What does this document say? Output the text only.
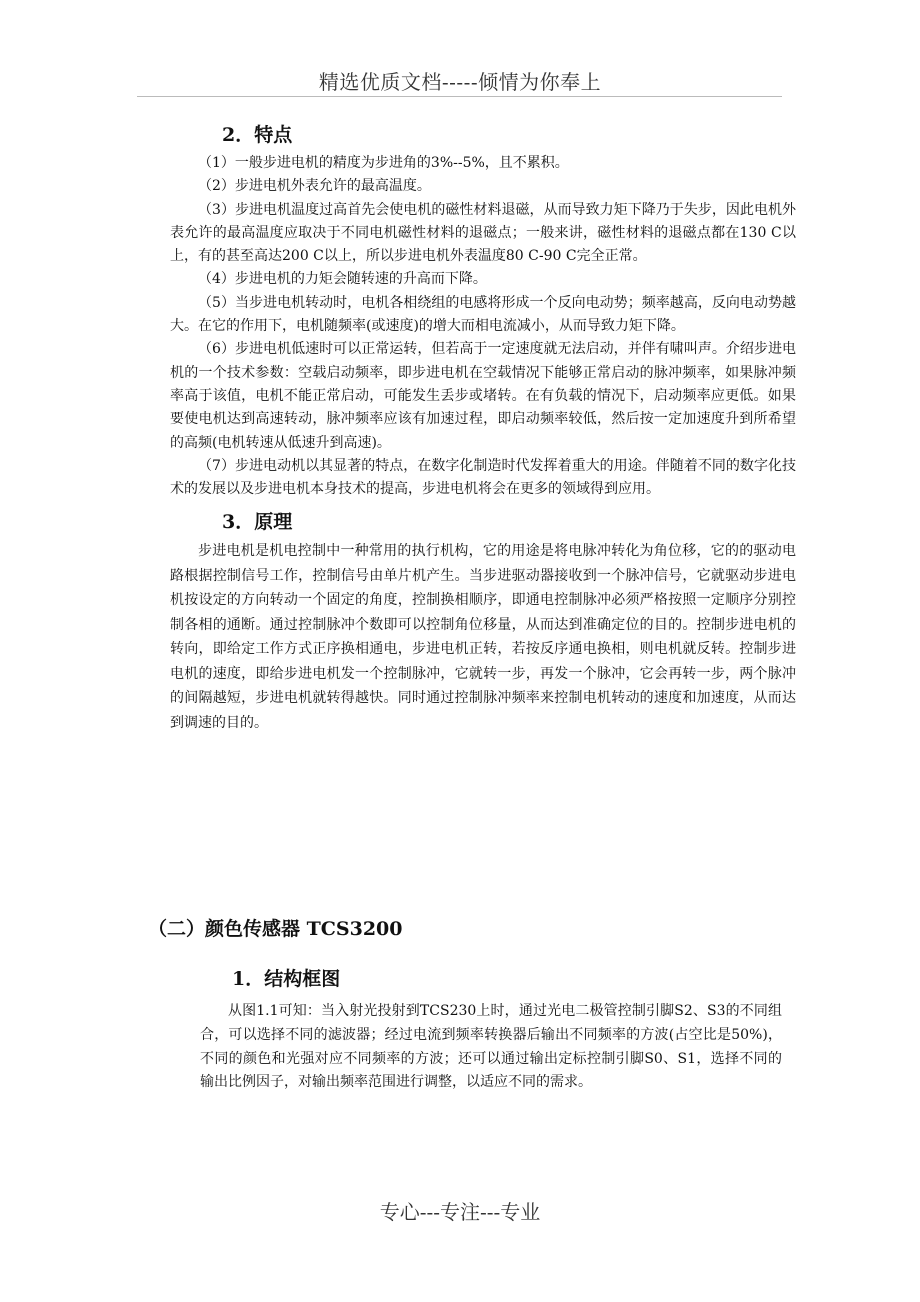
精选优质文档-----倾情为你奉上
2．特点

（1）一般步进电机的精度为步进角的3%--5%，且不累积。

（2）步进电机外表允许的最高温度。

（3）步进电机温度过高首先会使电机的磁性材料退磁，从而导致力矩下降乃于失步，因此电机外表允许的最高温度应取决于不同电机磁性材料的退磁点；一般来讲，磁性材料的退磁点都在130 C以上，有的甚至高达200 C以上，所以步进电机外表温度80 C-90 C完全正常。

（4）步进电机的力矩会随转速的升高而下降。

（5）当步进电机转动时，电机各相绕组的电感将形成一个反向电动势；频率越高，反向电动势越大。在它的作用下，电机随频率(或速度)的增大而相电流减小，从而导致力矩下降。

（6）步进电机低速时可以正常运转，但若高于一定速度就无法启动，并伴有啸叫声。介绍步进电机的一个技术参数：空载启动频率，即步进电机在空载情况下能够正常启动的脉冲频率，如果脉冲频率高于该值，电机不能正常启动，可能发生丢步或堵转。在有负载的情况下，启动频率应更低。如果要使电机达到高速转动，脉冲频率应该有加速过程，即启动频率较低，然后按一定加速度升到所希望的高频(电机转速从低速升到高速)。

（7）步进电动机以其显著的特点，在数字化制造时代发挥着重大的用途。伴随着不同的数字化技术的发展以及步进电机本身技术的提高，步进电机将会在更多的领域得到应用。

3．原理

步进电机是机电控制中一种常用的执行机构，它的用途是将电脉冲转化为角位移，它的的驱动电路根据控制信号工作，控制信号由单片机产生。当步进驱动器接收到一个脉冲信号，它就驱动步进电机按设定的方向转动一个固定的角度，控制换相顺序，即通电控制脉冲必须严格按照一定顺序分别控制各相的通断。通过控制脉冲个数即可以控制角位移量，从而达到准确定位的目的。控制步进电机的转向，即给定工作方式正序换相通电，步进电机正转，若按反序通电换相，则电机就反转。控制步进电机的速度，即给步进电机发一个控制脉冲，它就转一步，再发一个脉冲，它会再转一步，两个脉冲的间隔越短，步进电机就转得越快。同时通过控制脉冲频率来控制电机转动的速度和加速度，从而达到调速的目的。

（二）颜色传感器 TCS3200
1．结构框图

从图1.1可知：当入射光投射到TCS230上时，通过光电二极管控制引脚S2、S3的不同组合，可以选择不同的滤波器；经过电流到频率转换器后输出不同频率的方波(占空比是50%)，不同的颜色和光强对应不同频率的方波；还可以通过输出定标控制引脚S0、S1，选择不同的输出比例因子，对输出频率范围进行调整，以适应不同的需求。

专心---专注---专业
